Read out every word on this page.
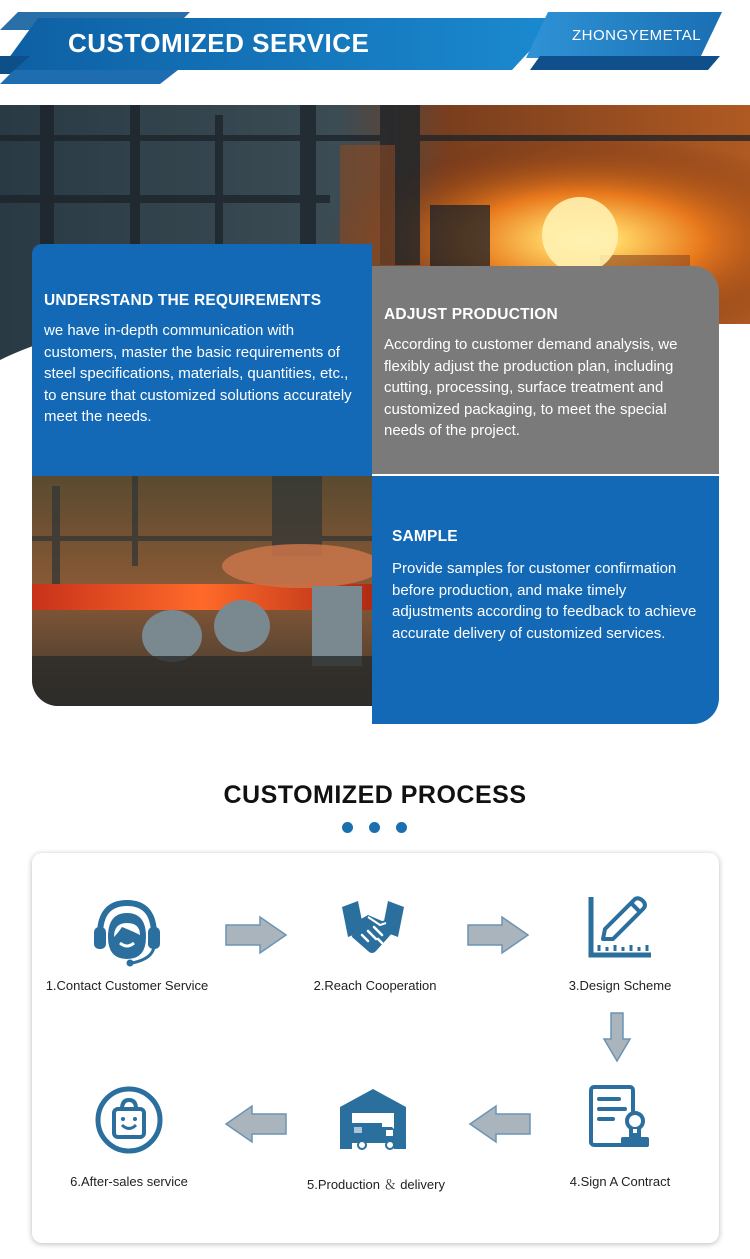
CUSTOMIZED SERVICE	ZHONGYEMETAL
UNDERSTAND THE REQUIREMENTS

we have in-depth communication with customers, master the basic requirements of steel specifications, materials, quantities, etc., to ensure that customized solutions accurately meet the needs.

ADJUST PRODUCTION

According to customer demand analysis, we flexibly adjust the production plan, including cutting, processing, surface treatment and customized packaging, to meet the special needs of the project.

SAMPLE

Provide samples for customer confirmation before production, and make timely adjustments according to feedback to achieve accurate delivery of customized services.

CUSTOMIZED PROCESS
1.Contact Customer Service	2.Reach Cooperation	3.Design Scheme
6.After-sales service	5.Production ＆ delivery	4.Sign A Contract
